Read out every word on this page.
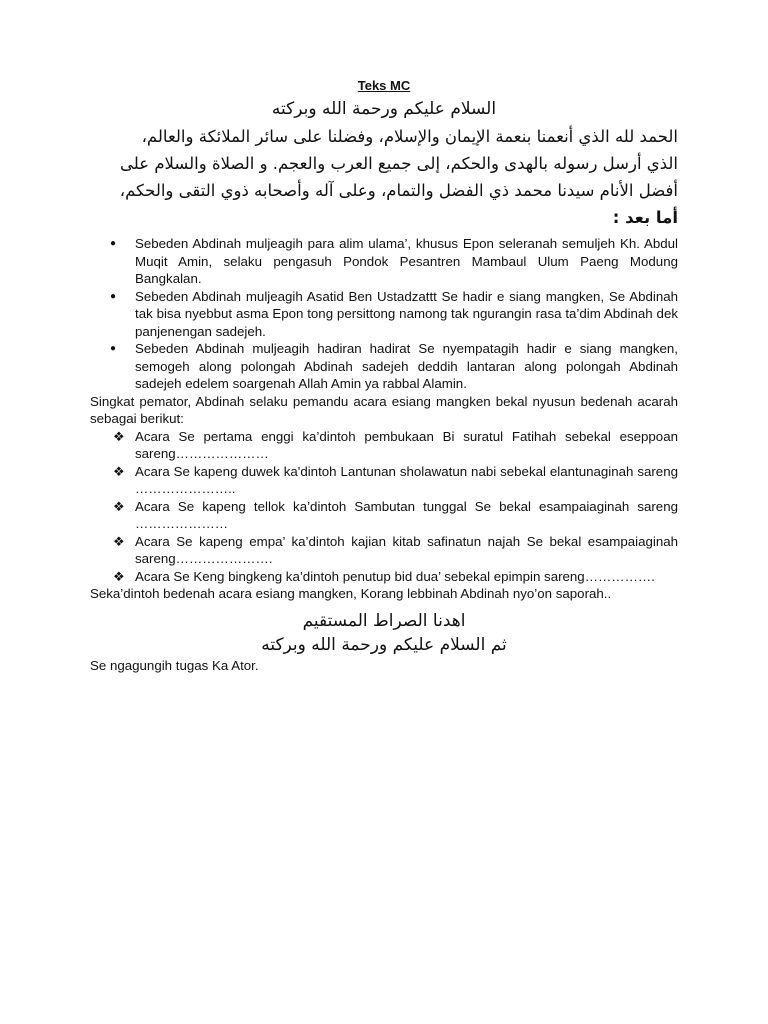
Teks MC

السلام عليكم ورحمة الله وبركته

الحمد لله الذي أنعمنا بنعمة الإيمان والإسلام، وفضلنا على سائر الملائكة والعالم،
الذي أرسل رسوله بالهدى والحكم، إلى جميع العرب والعجم. و الصلاة والسلام على
أفضل الأنام سيدنا محمد ذي الفضل والتمام، وعلى آله وأصحابه ذوي التقى والحكم،
أما بعد :
● Sebeden Abdinah muljeagih para alim ulama’, khusus Epon seleranah semuljeh Kh. Abdul Muqit Amin, selaku pengasuh Pondok Pesantren Mambaul Ulum Paeng Modung Bangkalan.
● Sebeden Abdinah muljeagih Asatid Ben Ustadzattt Se hadir e siang mangken, Se Abdinah tak bisa nyebbut asma Epon tong persittong namong tak ngurangin rasa ta’dim Abdinah dek panjenengan sadejeh.
● Sebeden Abdinah muljeagih hadiran hadirat Se nyempatagih hadir e siang mangken, semogeh along polongah Abdinah sadejeh deddih lantaran along polongah Abdinah sadejeh edelem soargenah Allah Amin ya rabbal Alamin.

Singkat pemator, Abdinah selaku pemandu acara esiang mangken bekal nyusun bedenah acarah sebagai berikut:

❖ Acara Se pertama enggi ka’dintoh pembukaan Bi suratul Fatihah sebekal eseppoan sareng…………………
❖ Acara Se kapeng duwek ka'dintoh Lantunan sholawatun nabi sebekal elantunaginah sareng …………………..
❖ Acara Se kapeng tellok ka’dintoh Sambutan tunggal Se bekal esampaiaginah sareng …………………
❖ Acara Se kapeng empa’ ka’dintoh kajian kitab safinatun najah Se bekal esampaiaginah sareng………………….
❖ Acara Se Keng bingkeng ka’dintoh penutup bid dua’ sebekal epimpin sareng…………….

Seka’dintoh bedenah acara esiang mangken, Korang lebbinah Abdinah nyo’on saporah..

اهدنا الصراط المستقيم

ثم السلام عليكم ورحمة الله وبركته

Se ngagungih tugas Ka Ator.
